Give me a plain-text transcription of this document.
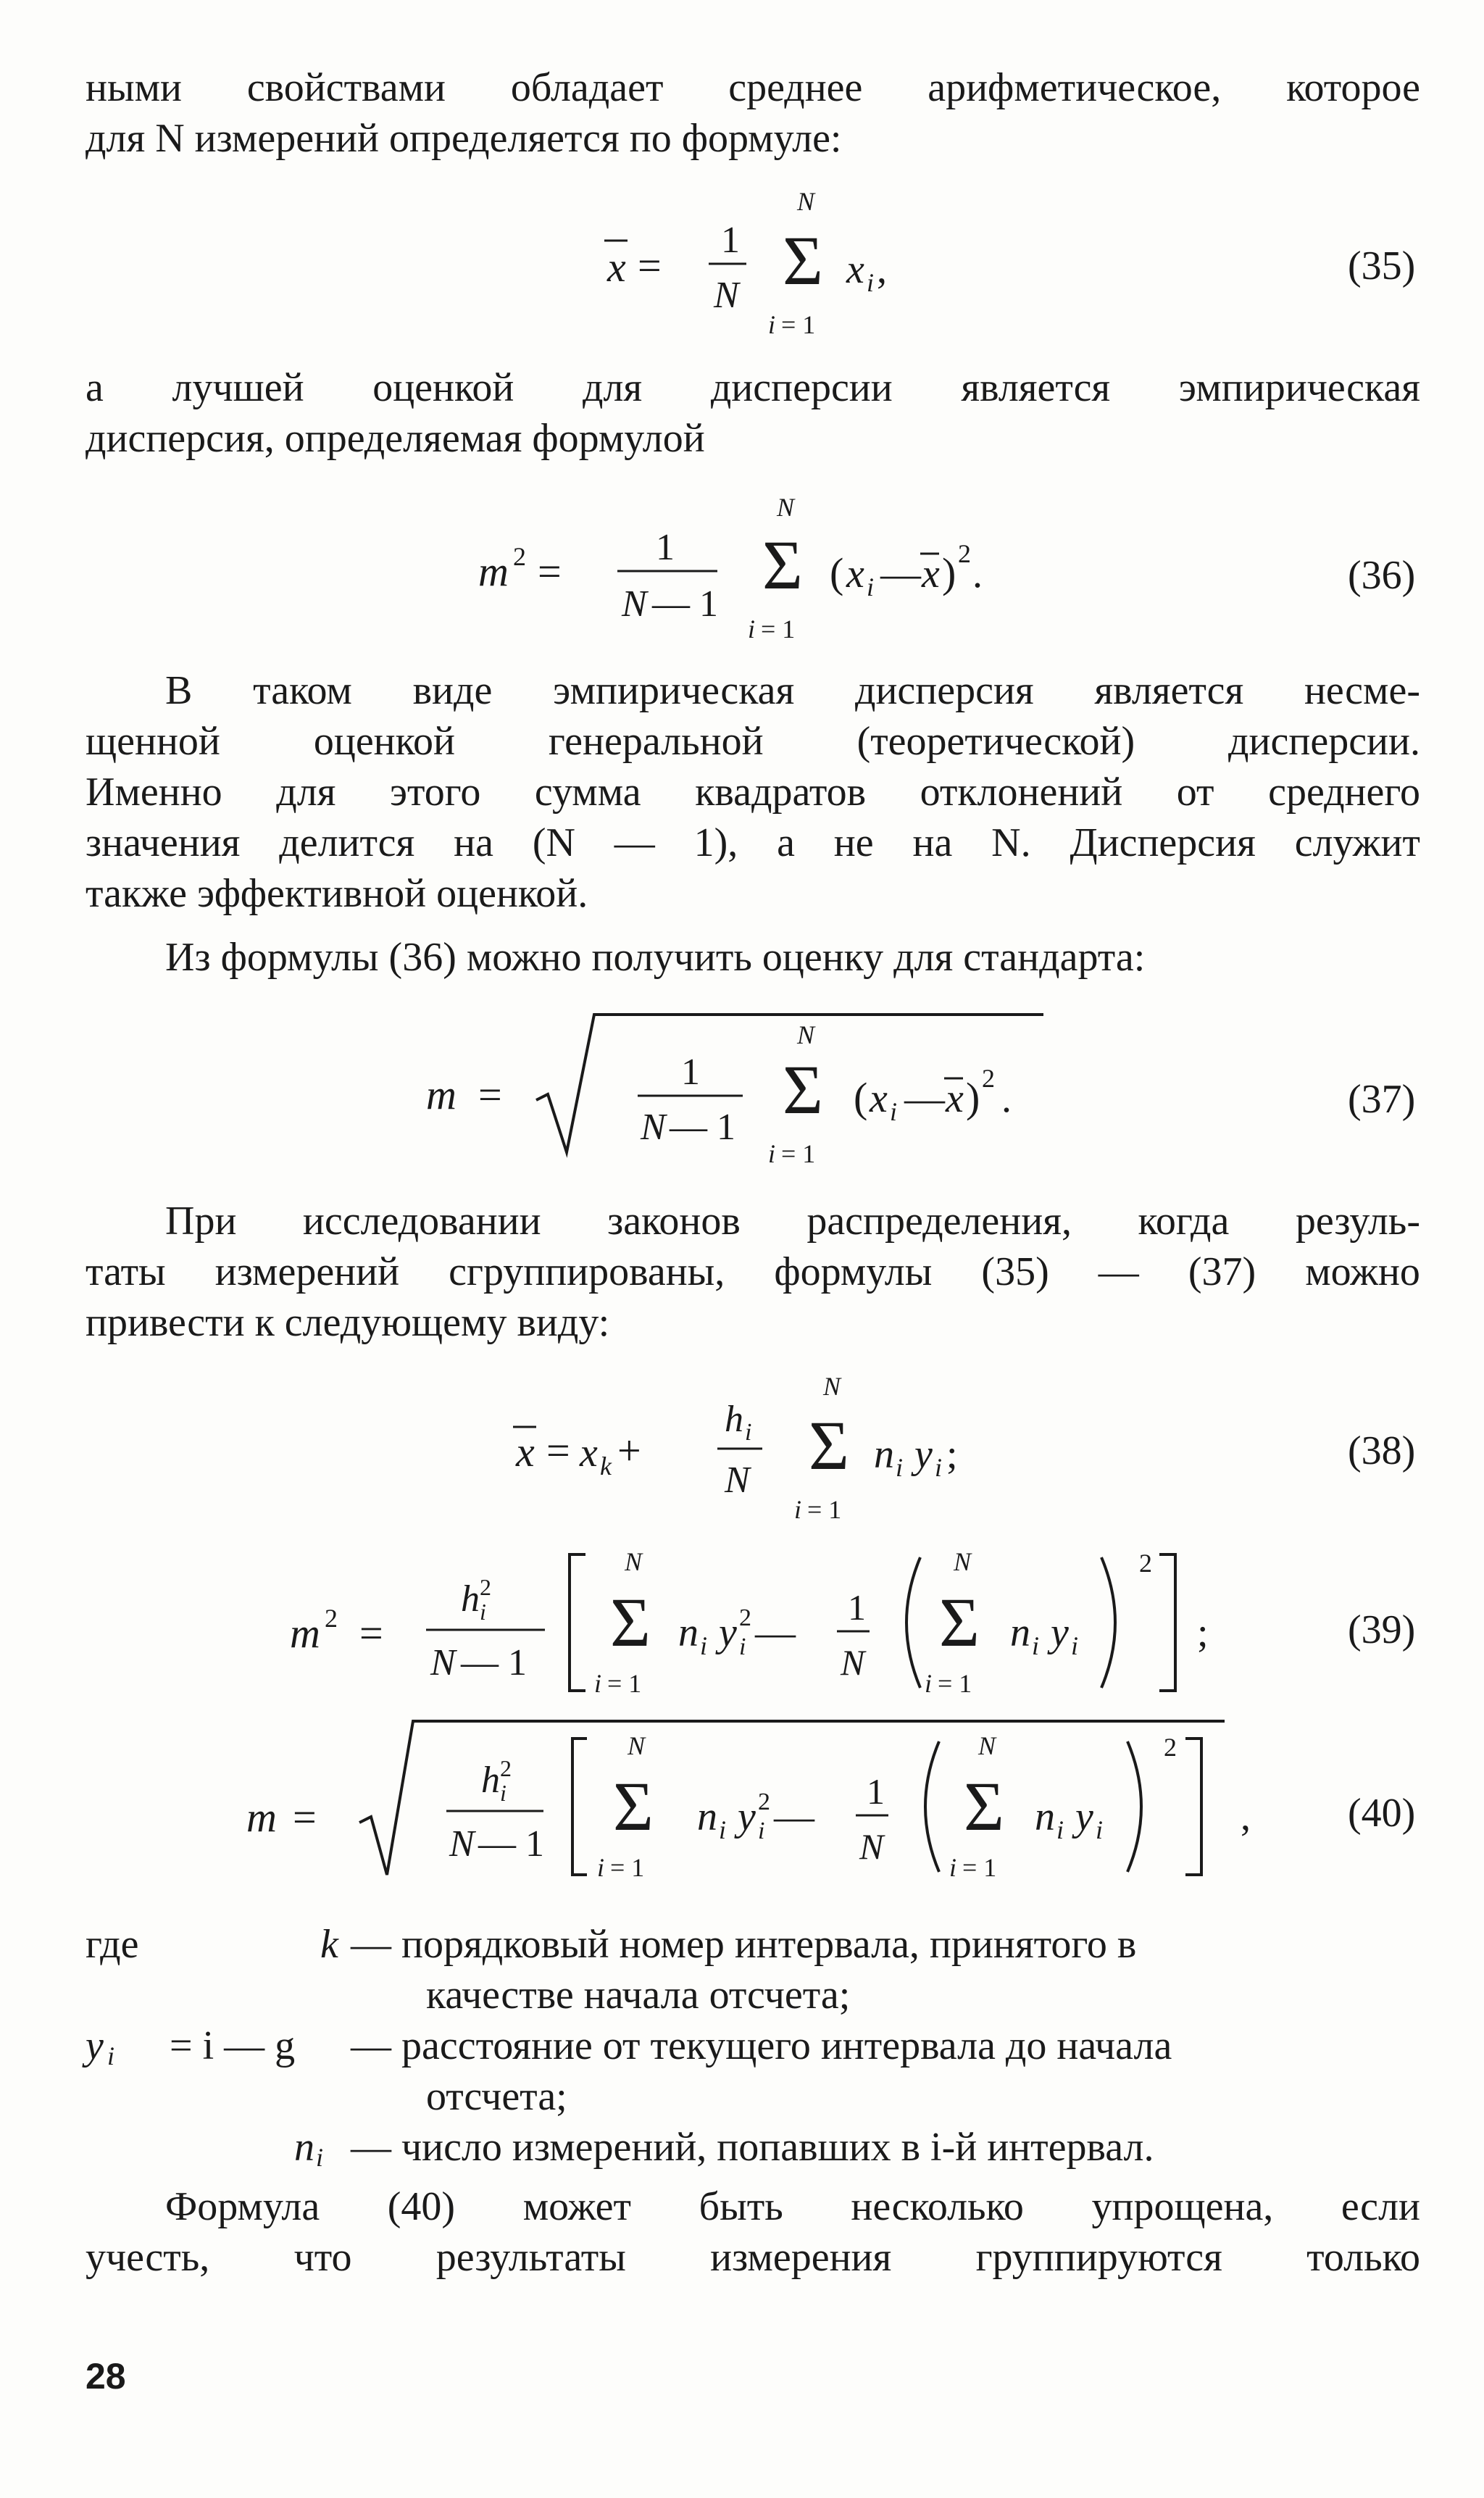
ными свойствами обладает среднее арифметическое, которое
для N измерений определяется по формуле:
x =
1
N
N
Σ
i = 1
x i ,	(35)
а лучшей оценкой для дисперсии является эмпирическая
дисперсия, определяемая формулой
m 2 =
1
N — 1
N
Σ
i = 1
( x i — x ) 2 .	(36)
В таком виде эмпирическая дисперсия является несме-
щенной оценкой генеральной (теоретической) дисперсии.
Именно для этого сумма квадратов отклонений от среднего
значения делится на (N — 1), а не на N. Дисперсия служит
также эффективной оценкой.
Из формулы (36) можно получить оценку для стандарта:
m =	1
N — 1
N
Σ
i = 1
( x i — x ) 2 .	(37)
При исследовании законов распределения, когда резуль-
таты измерений сгруппированы, формулы (35) — (37) можно
привести к следующему виду:
x = x k +
h i
N
N
Σ
i = 1
n i y i ;	(38)
m 2 =
h 2
i
N — 1
N
Σ
i = 1
n i y 2
i —
1
N
N
Σ
i = 1
n i y i
2
;	(39)
m =
h 2
i
N — 1
N
Σ
i = 1
n i y 2
i —
1
N
N
Σ
i = 1
n i y i
2
, (40)
где	k — порядковый номер интервала, принятого в
качестве начала отсчета;
y i = i — g — расстояние от текущего интервала до начала
отсчета;
n i — число измерений, попавших в i-й интервал.
Формула (40) может быть несколько упрощена, если
учесть, что результаты измерения группируются только
28
